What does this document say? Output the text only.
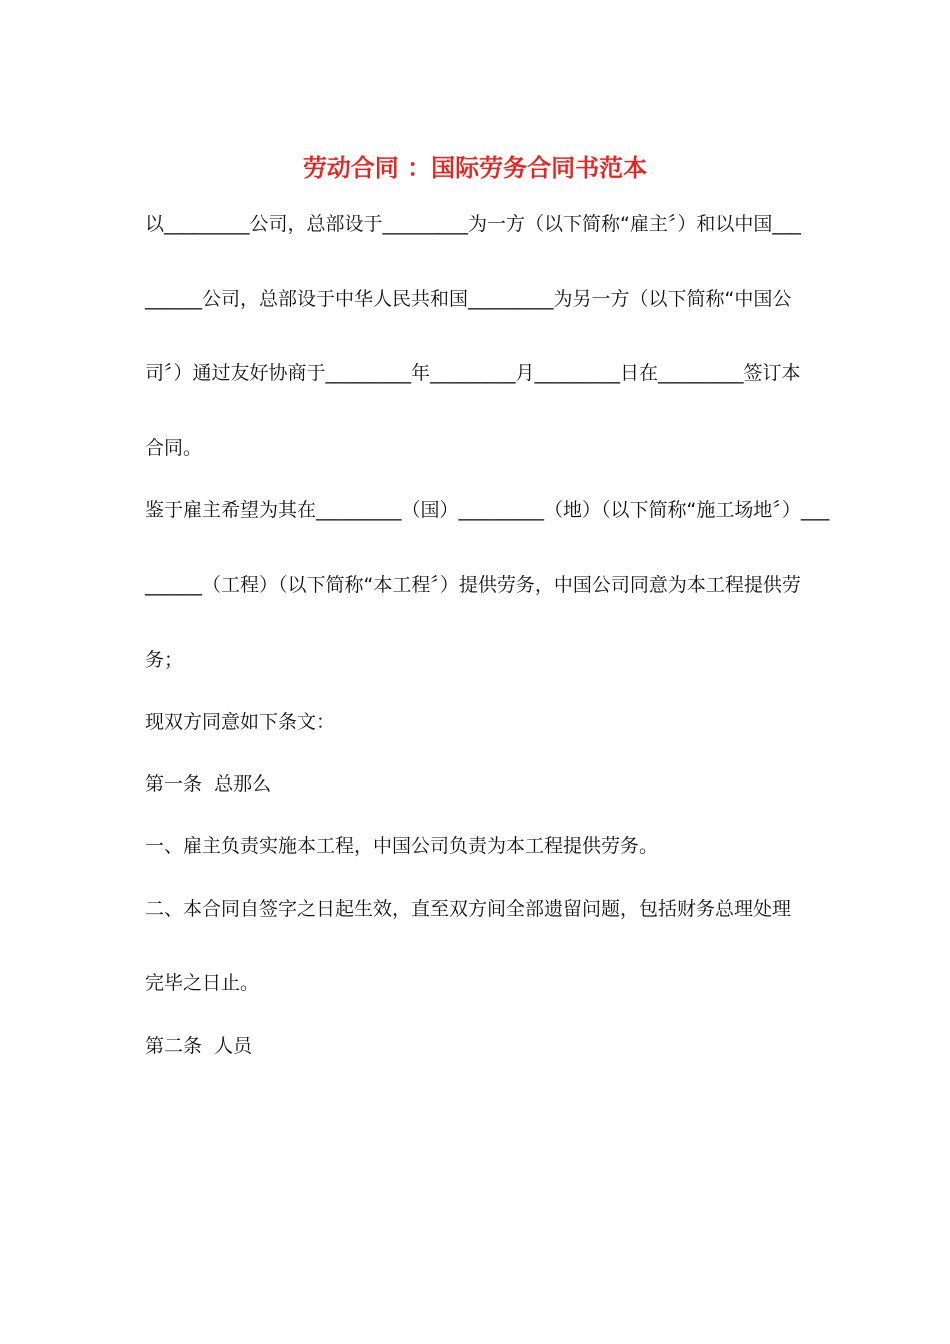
劳动合同 ：国际劳务合同书范本
以_________公司，总部设于_________为一方（以下简称“雇主〞）和以中国___
______公司，总部设于中华人民共和国_________为另一方（以下简称“中国公
司〞）通过友好协商于_________年_________月_________日在_________签订本
合同。
鉴于雇主希望为其在_________（国）_________（地）（以下简称“施工场地〞）___
______（工程）（以下简称“本工程〞）提供劳务，中国公司同意为本工程提供劳
务；
现双方同意如下条文：
第一条  总那么
一、雇主负责实施本工程，中国公司负责为本工程提供劳务。
二、本合同自签字之日起生效，直至双方间全部遗留问题，包括财务总理处理
完毕之日止。
第二条  人员
